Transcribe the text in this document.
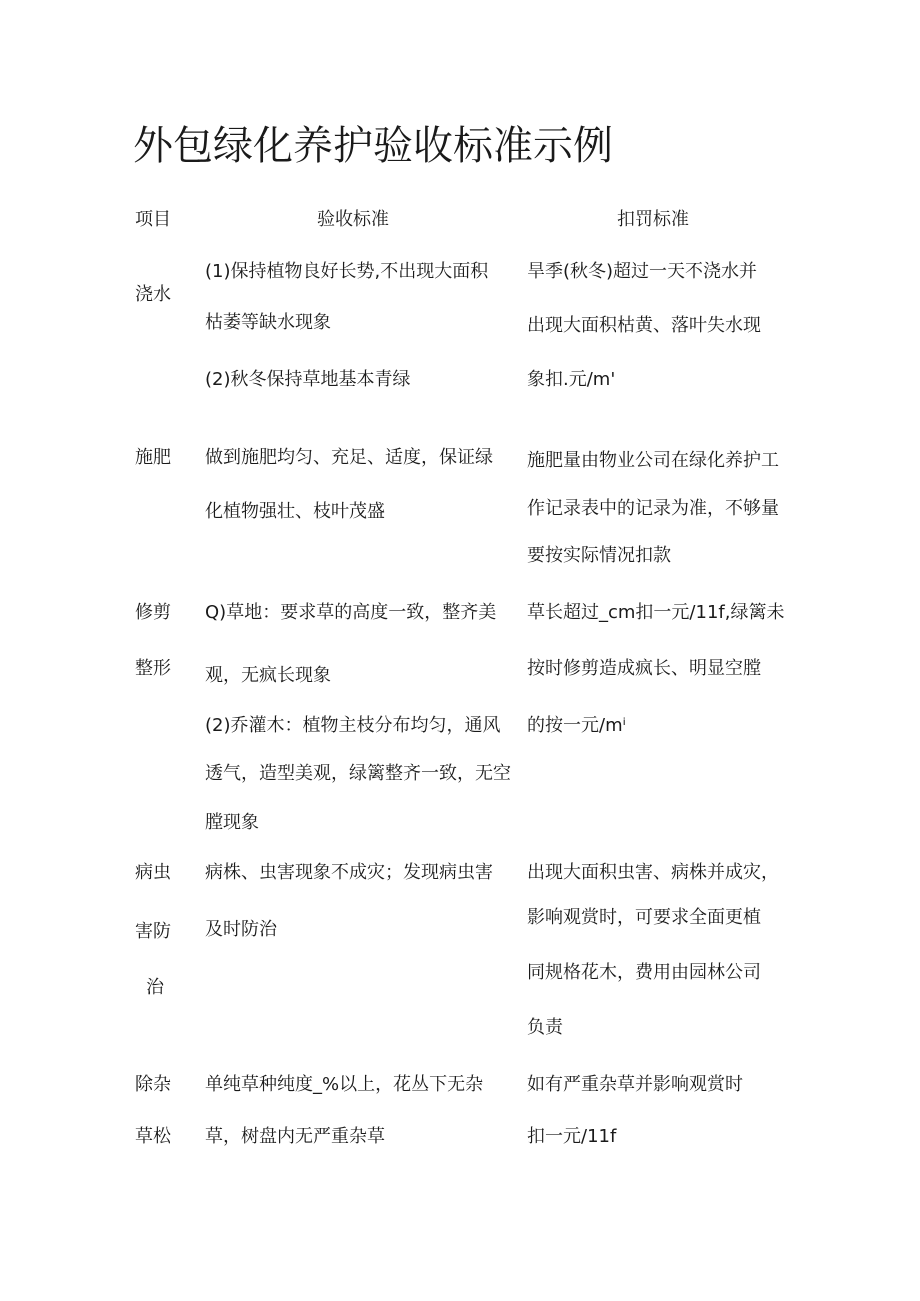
外包绿化养护验收标准示例
项目	验收标准	扣罚标准
浇水
(1)保持植物良好长势,不出现大面积
枯萎等缺水现象
(2)秋冬保持草地基本青绿
旱季(秋冬)超过一天不浇水并
出现大面积枯黄、落叶失水现
象扣.元/m'
施肥 做到施肥均匀、充足、适度，保证绿
化植物强壮、枝叶茂盛
施肥量由物业公司在绿化养护工
作记录表中的记录为准，不够量
要按实际情况扣款
修剪
整形
Q)草地：要求草的高度一致，整齐美
观，无疯长现象
(2)乔灌木：植物主枝分布均匀，通风
透气，造型美观，绿篱整齐一致，无空
膛现象
草长超过_cm扣一元/11f,绿篱未
按时修剪造成疯长、明显空膛
的按一元/mⁱ
病虫
害防
治
病株、虫害现象不成灾；发现病虫害
及时防治
出现大面积虫害、病株并成灾，
影响观赏时，可要求全面更植
同规格花木，费用由园林公司
负责
除杂
草松
单纯草种纯度_%以上，花丛下无杂
草，树盘内无严重杂草
如有严重杂草并影响观赏时
扣一元/11f
